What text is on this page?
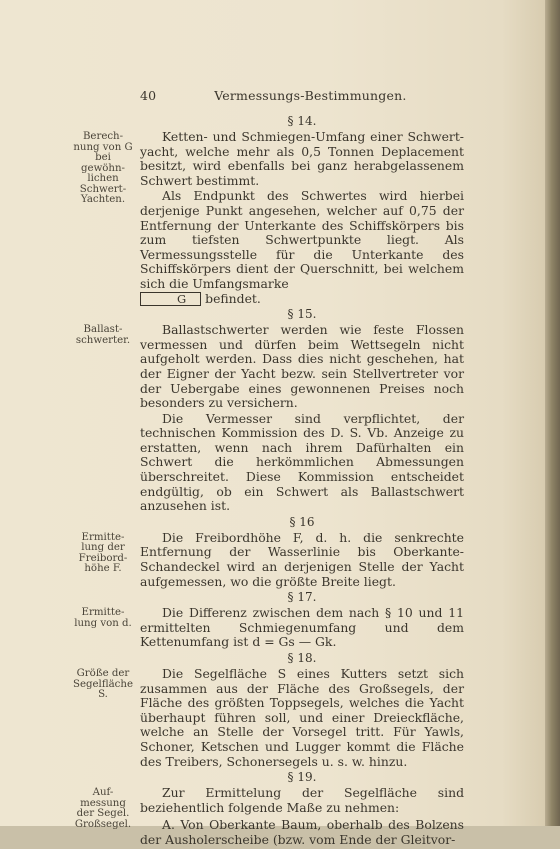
40	Vermessungs-Bestimmungen.
§ 14.
Berech-
nung von G
bei gewöhn-
lichen
Schwert-
Yachten.

Ketten- und Schmiegen-Umfang einer Schwert-yacht, welche mehr als 0,5 Tonnen Deplacement besitzt, wird ebenfalls bei ganz herabgelassenem Schwert bestimmt.

Als Endpunkt des Schwertes wird hierbei derjenige Punkt angesehen, welcher auf 0,75 der Entfernung der Unterkante des Schiffskörpers bis zum tiefsten Schwertpunkte liegt. Als Vermessungsstelle für die Unterkante des Schiffskörpers dient der Querschnitt, bei welchem sich die Umfangsmarke
G befindet.

§ 15.
Ballast-
schwerter.

Ballastschwerter werden wie feste Flossen vermessen und dürfen beim Wettsegeln nicht aufgeholt werden. Dass dies nicht geschehen, hat der Eigner der Yacht bezw. sein Stellvertreter vor der Uebergabe eines gewonnenen Preises noch besonders zu versichern.

Die Vermesser sind verpflichtet, der technischen Kommission des D. S. Vb. Anzeige zu erstatten, wenn nach ihrem Dafürhalten ein Schwert die herkömmlichen Abmessungen überschreitet. Diese Kommission entscheidet endgültig, ob ein Schwert als Ballastschwert anzusehen ist.

§ 16
Ermitte-
lung der
Freibord-
höhe F.

Die Freibordhöhe F, d. h. die senkrechte Entfernung der Wasserlinie bis Oberkante-Schandeckel wird an derjenigen Stelle der Yacht aufgemessen, wo die größte Breite liegt.

§ 17.
Ermitte-
lung von d.

Die Differenz zwischen dem nach § 10 und 11 ermittelten Schmiegenumfang und dem Kettenumfang ist d = Gs — Gk.

§ 18.
Größe der
Segelfläche
S.

Die Segelfläche S eines Kutters setzt sich zusammen aus der Fläche des Großsegels, der Fläche des größten Toppsegels, welches die Yacht überhaupt führen soll, und einer Dreieckfläche, welche an Stelle der Vorsegel tritt. Für Yawls, Schoner, Ketschen und Lugger kommt die Fläche des Treibers, Schonersegels u. s. w. hinzu.

§ 19.
Auf-
messung
der Segel.

Zur Ermittelung der Segelfläche sind beziehentlich folgende Maße zu nehmen:

Großsegel.	A. Von Oberkante Baum, oberhalb des Bolzens der Ausholerscheibe (bzw. vom Ende der Gleitvor-
